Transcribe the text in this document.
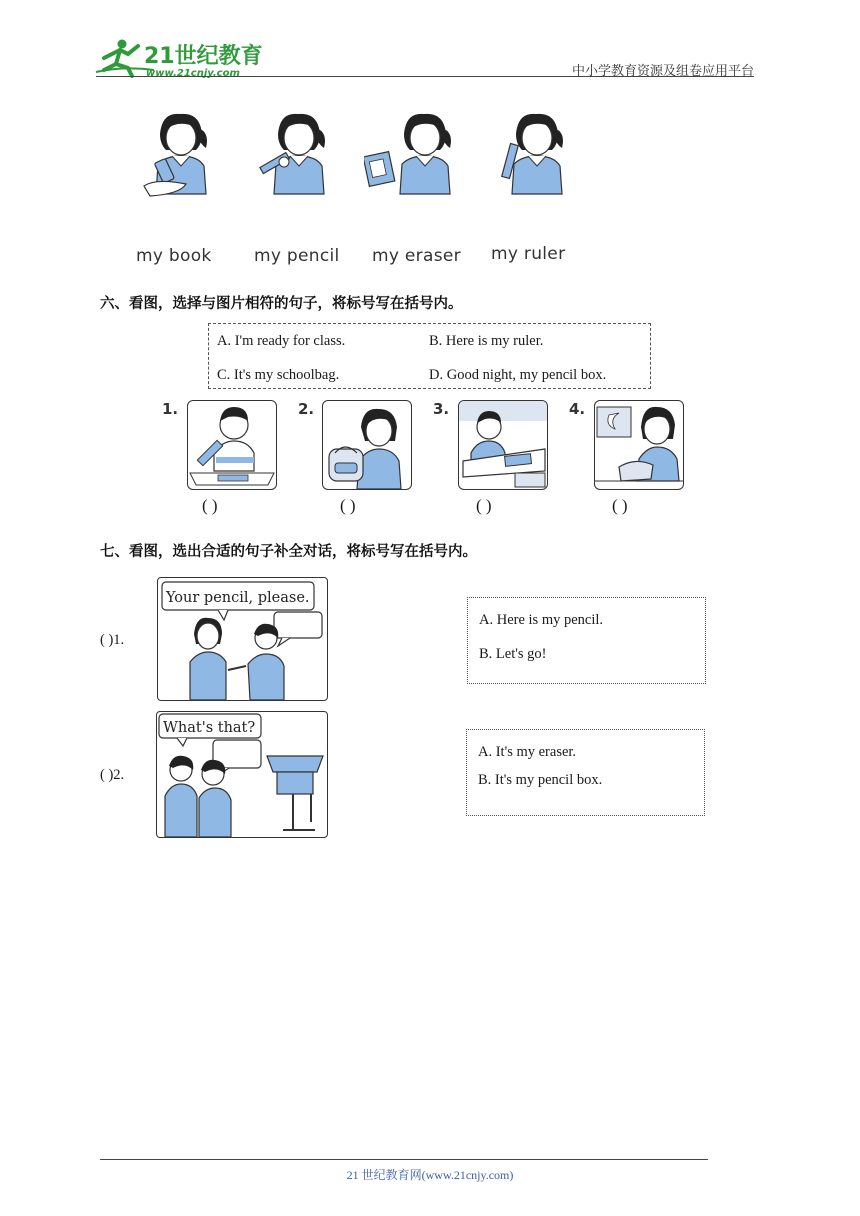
21世纪教育
www.21cnjy.com	中小学教育资源及组卷应用平台
my book my pencil my eraser my ruler
六、看图，选择与图片相符的句子，将标号写在括号内。
A. I'm ready for class.	B. Here is my ruler.
C. It's my schoolbag.	D. Good night, my pencil box.
1.	2.	3.	4.
( )	( )	( )	( )
七、看图，选出合适的句子补全对话，将标号写在括号内。
( )1.
Your pencil, please.
A. Here is my pencil.
B. Let's go!
( )2.
What's that?
A. It's my eraser.
B. It's my pencil box.
21 世纪教育网(www.21cnjy.com)
